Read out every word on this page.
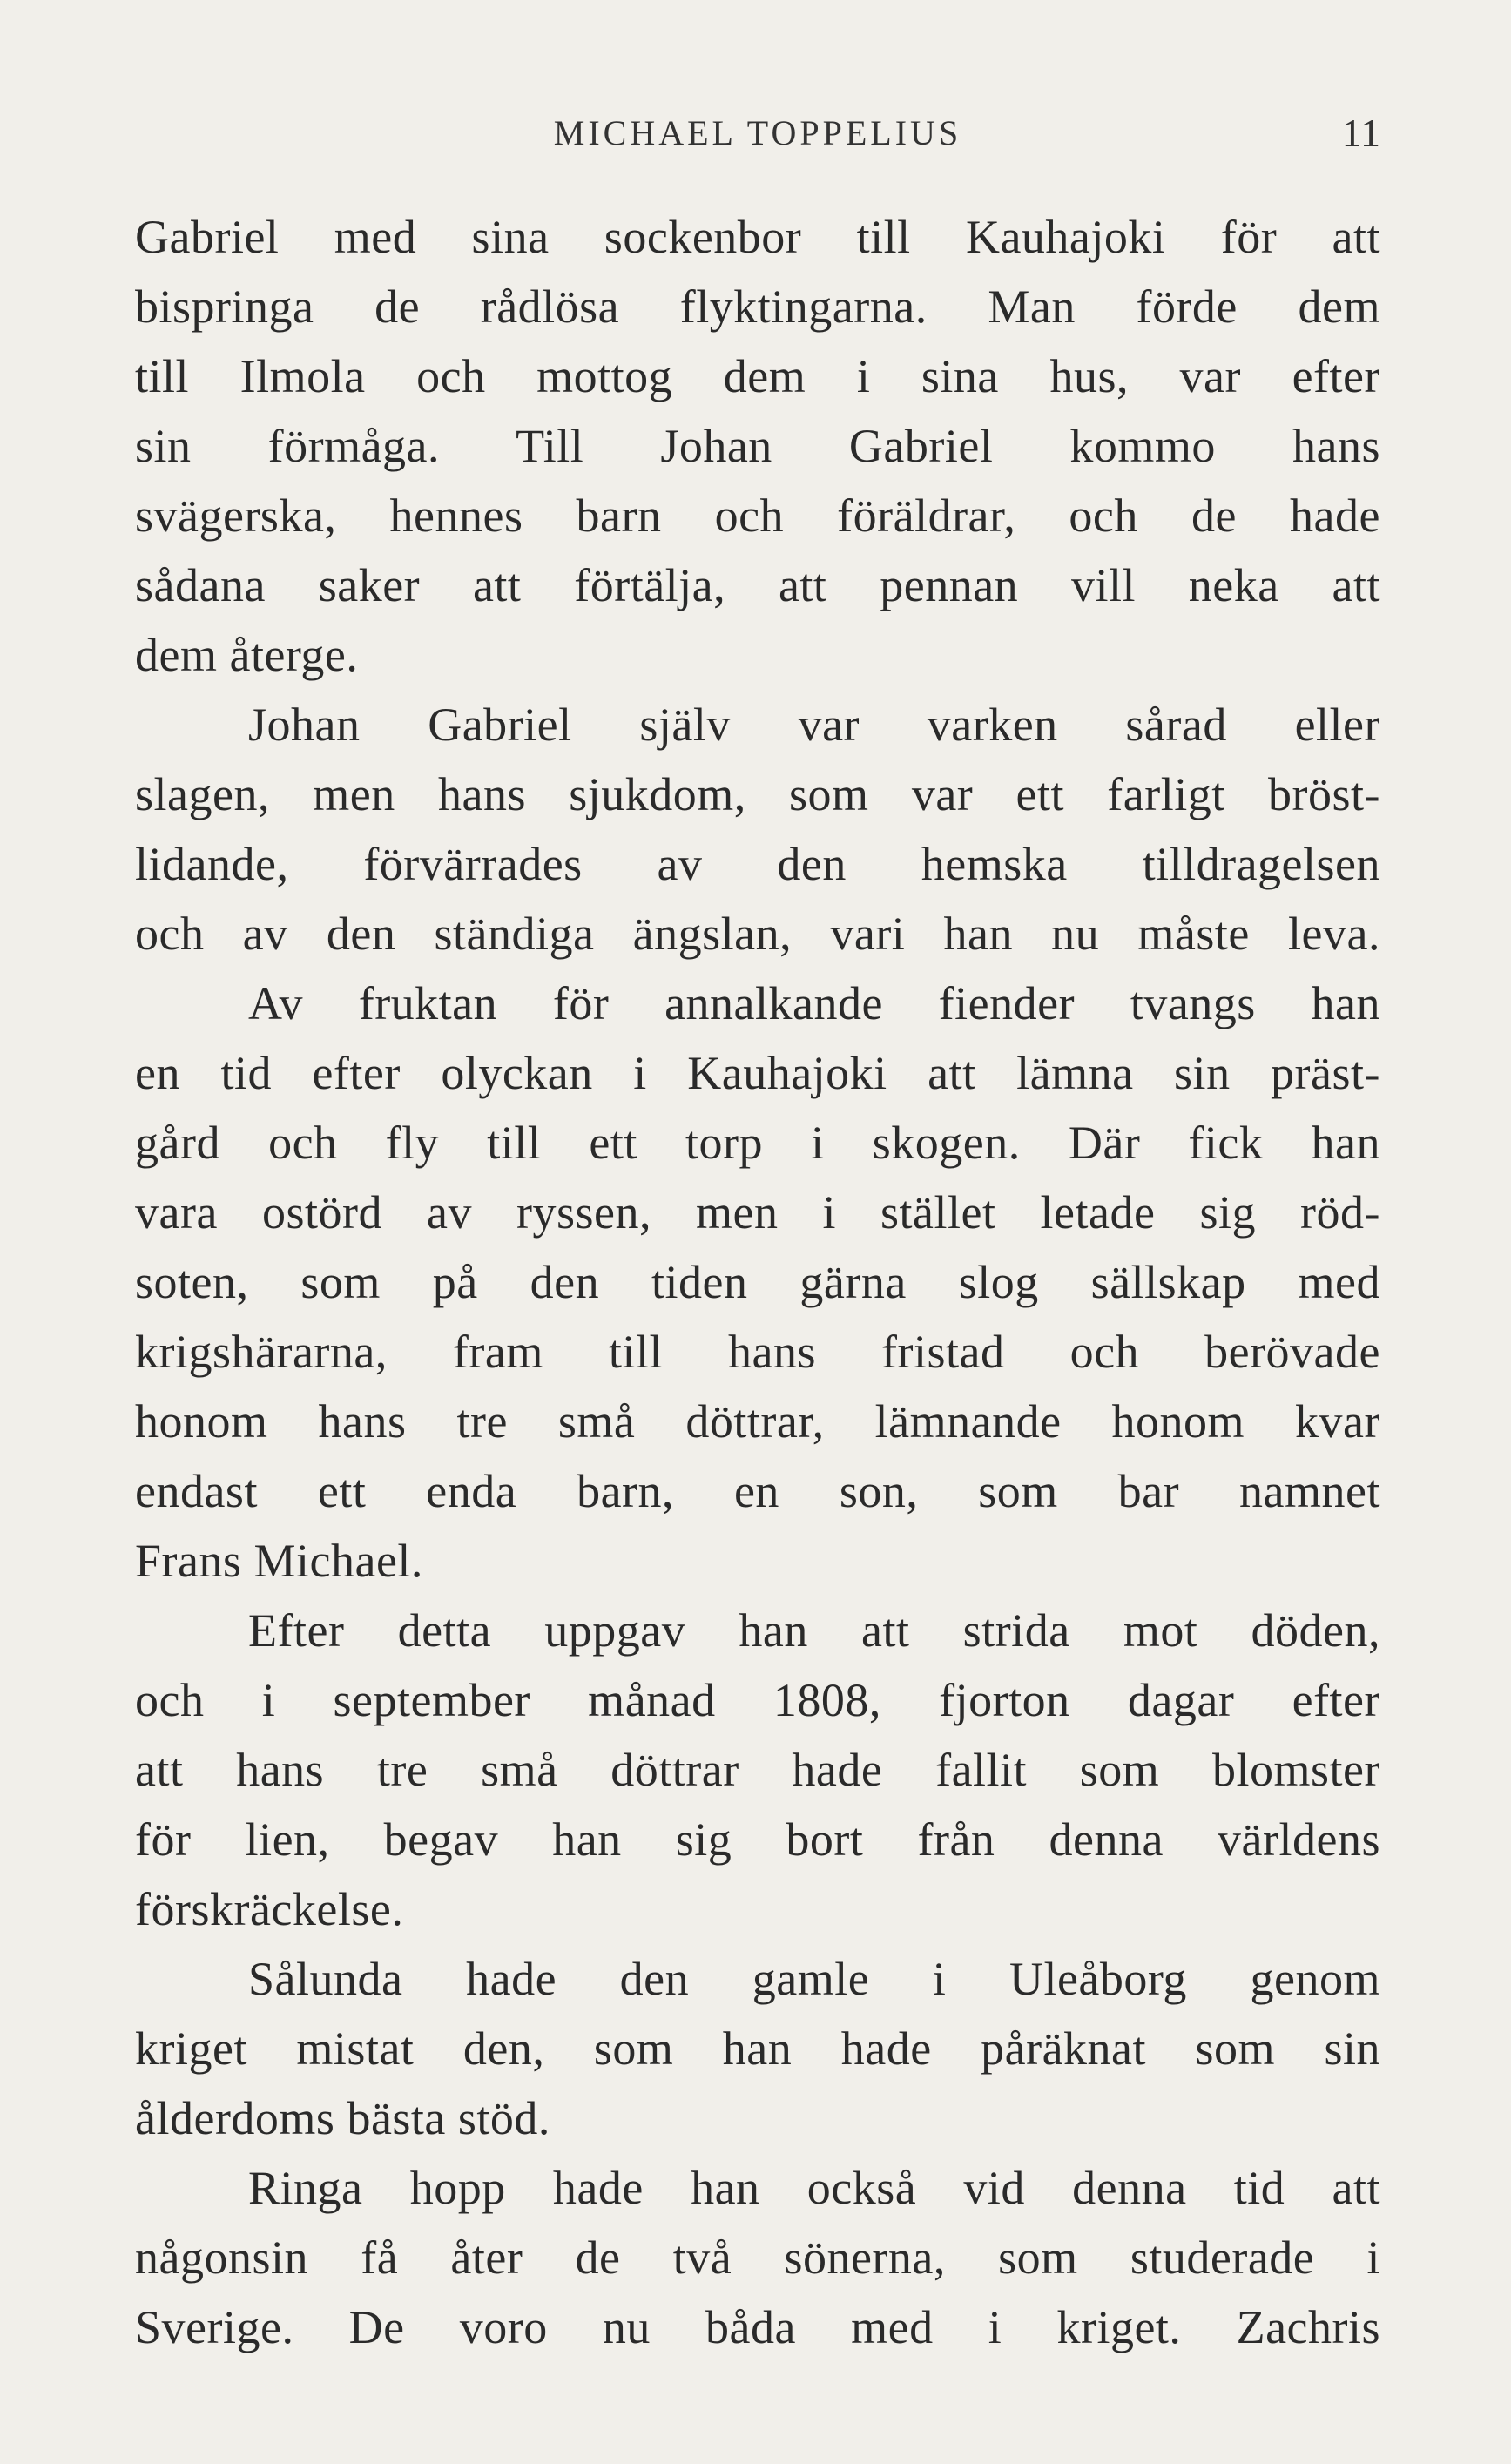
MICHAEL TOPPELIUS	11
Gabriel med sina sockenbor till Kauhajoki för att
bispringa de rådlösa flyktingarna. Man förde dem
till Ilmola och mottog dem i sina hus, var efter
sin förmåga. Till Johan Gabriel kommo hans
svägerska, hennes barn och föräldrar, och de hade
sådana saker att förtälja, att pennan vill neka att
dem återge.
Johan Gabriel själv var varken sårad eller
slagen, men hans sjukdom, som var ett farligt bröst-
lidande, förvärrades av den hemska tilldragelsen
och av den ständiga ängslan, vari han nu måste leva.
Av fruktan för annalkande fiender tvangs han
en tid efter olyckan i Kauhajoki att lämna sin präst-
gård och fly till ett torp i skogen. Där fick han
vara ostörd av ryssen, men i stället letade sig röd-
soten, som på den tiden gärna slog sällskap med
krigshärarna, fram till hans fristad och berövade
honom hans tre små döttrar, lämnande honom kvar
endast ett enda barn, en son, som bar namnet
Frans Michael.
Efter detta uppgav han att strida mot döden,
och i september månad 1808, fjorton dagar efter
att hans tre små döttrar hade fallit som blomster
för lien, begav han sig bort från denna världens
förskräckelse.
Sålunda hade den gamle i Uleåborg genom
kriget mistat den, som han hade påräknat som sin
ålderdoms bästa stöd.
Ringa hopp hade han också vid denna tid att
någonsin få åter de två sönerna, som studerade i
Sverige. De voro nu båda med i kriget. Zachris
